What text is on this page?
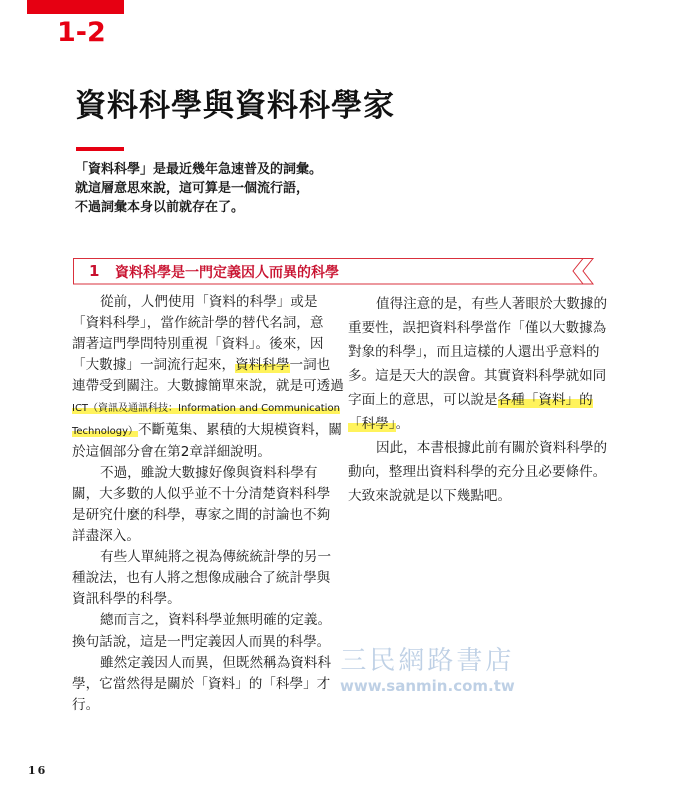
1-2
資料科學與資料科學家
「資料科學」是最近幾年急速普及的詞彙。
就這層意思來說，這可算是一個流行語，
不過詞彙本身以前就存在了。
1 資料科學是一門定義因人而異的科學
從前，人們使用「資料的科學」或是
「資料科學」，當作統計學的替代名詞，意
謂著這門學問特別重視「資料」。後來，因
「大數據」一詞流行起來，資料科學一詞也
連帶受到關注。大數據簡單來說，就是可透過
ICT（資訊及通訊科技：Information and Communication
Technology）不斷蒐集、累積的大規模資料，關
於這個部分會在第2章詳細說明。
不過，雖說大數據好像與資料科學有
關，大多數的人似乎並不十分清楚資料科學
是研究什麼的科學，專家之間的討論也不夠
詳盡深入。
有些人單純將之視為傳統統計學的另一
種說法，也有人將之想像成融合了統計學與
資訊科學的科學。
總而言之，資料科學並無明確的定義。
換句話說，這是一門定義因人而異的科學。
雖然定義因人而異，但既然稱為資料科
學，它當然得是關於「資料」的「科學」才
行。
值得注意的是，有些人著眼於大數據的
重要性，誤把資料科學當作「僅以大數據為
對象的科學」，而且這樣的人還出乎意料的
多。這是天大的誤會。其實資料科學就如同
字面上的意思，可以說是各種「資料」的
「科學」。
因此，本書根據此前有關於資料科學的
動向，整理出資料科學的充分且必要條件。
大致來說就是以下幾點吧。
三民網路書店
www.sanmin.com.tw
16
